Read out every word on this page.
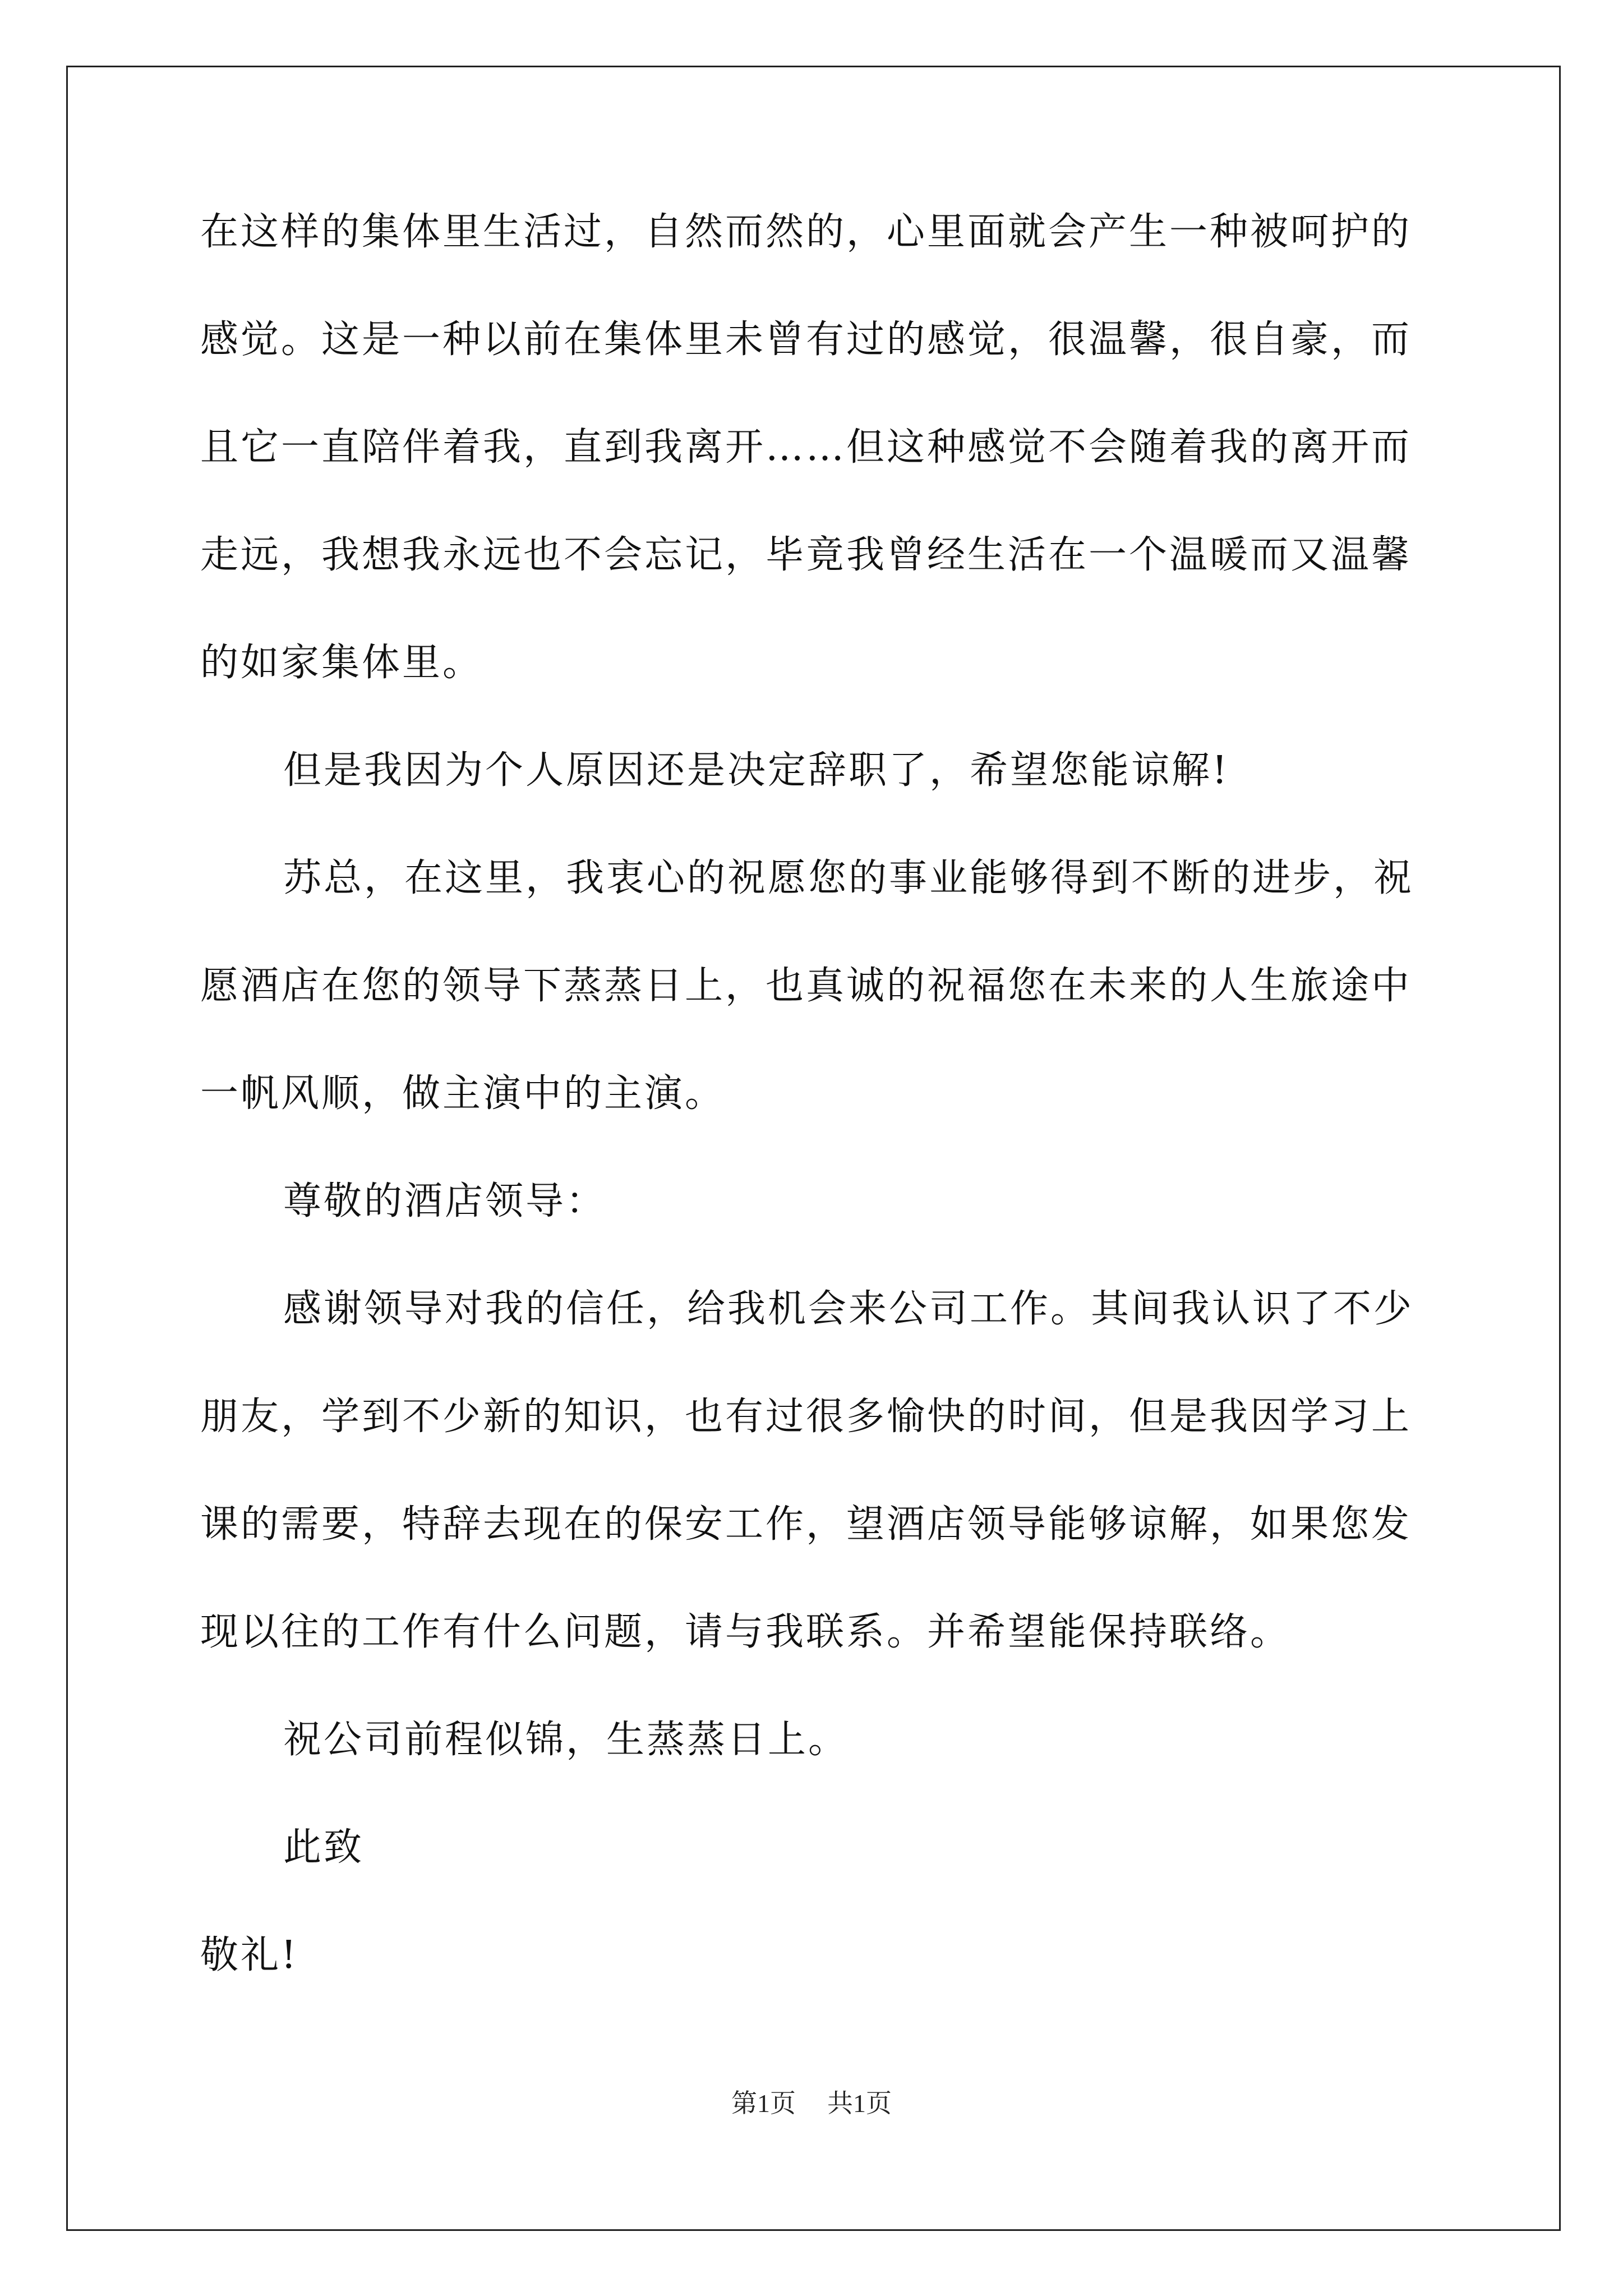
在这样的集体里生活过，自然而然的，心里面就会产生一种被呵护的
感觉。这是一种以前在集体里未曾有过的感觉，很温馨，很自豪，而
且它一直陪伴着我，直到我离开……但这种感觉不会随着我的离开而
走远，我想我永远也不会忘记，毕竟我曾经生活在一个温暖而又温馨
的如家集体里。
但是我因为个人原因还是决定辞职了，希望您能谅解!
苏总，在这里，我衷心的祝愿您的事业能够得到不断的进步，祝
愿酒店在您的领导下蒸蒸日上，也真诚的祝福您在未来的人生旅途中
一帆风顺，做主演中的主演。
尊敬的酒店领导：
感谢领导对我的信任，给我机会来公司工作。其间我认识了不少
朋友，学到不少新的知识，也有过很多愉快的时间，但是我因学习上
课的需要，特辞去现在的保安工作，望酒店领导能够谅解，如果您发
现以往的工作有什么问题，请与我联系。并希望能保持联络。
祝公司前程似锦，生蒸蒸日上。
此致
敬礼!
第1页 共1页
